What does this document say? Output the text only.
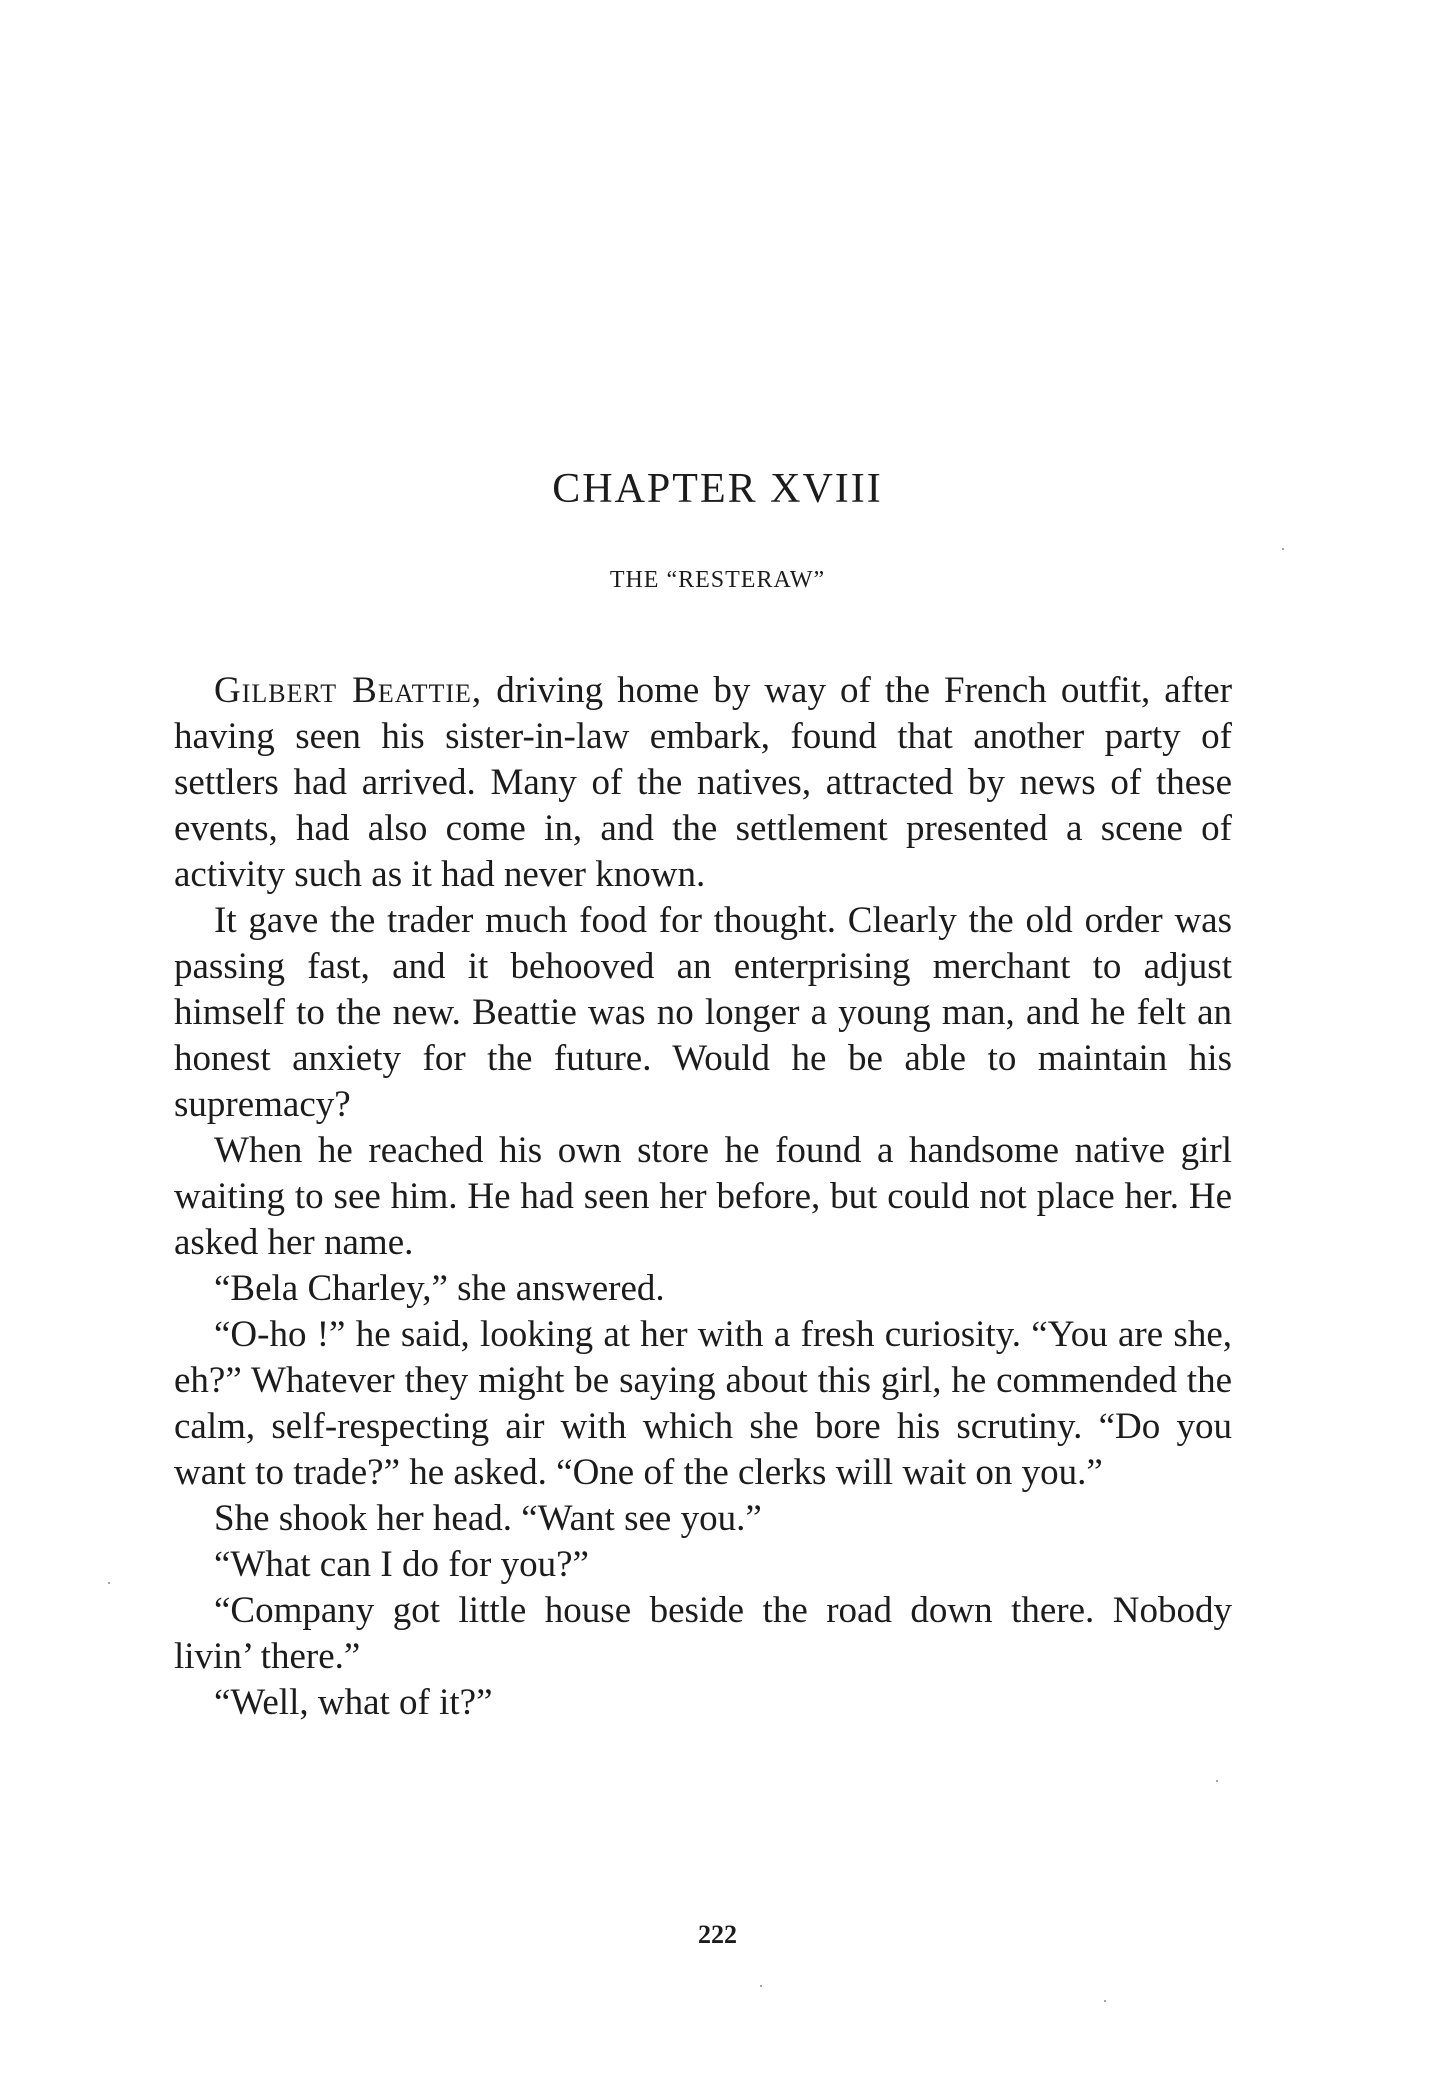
CHAPTER XVIII
THE “RESTERAW”

Gilbert Beattie, driving home by way of the French outfit, after having seen his sister-in-law embark, found that another party of settlers had arrived. Many of the natives, attracted by news of these events, had also come in, and the settlement presented a scene of activity such as it had never known.

It gave the trader much food for thought. Clearly the old order was passing fast, and it behooved an enterprising merchant to adjust himself to the new. Beattie was no longer a young man, and he felt an honest anxiety for the future. Would he be able to maintain his supremacy?

When he reached his own store he found a handsome native girl waiting to see him. He had seen her before, but could not place her. He asked her name.

“Bela Charley,” she answered.

“O-ho !” he said, looking at her with a fresh curiosity. “You are she, eh?” Whatever they might be saying about this girl, he commended the calm, self-respecting air with which she bore his scrutiny. “Do you want to trade?” he asked. “One of the clerks will wait on you.”

She shook her head. “Want see you.”

“What can I do for you?”

“Company got little house beside the road down there. Nobody livin’ there.”

“Well, what of it?”

222
